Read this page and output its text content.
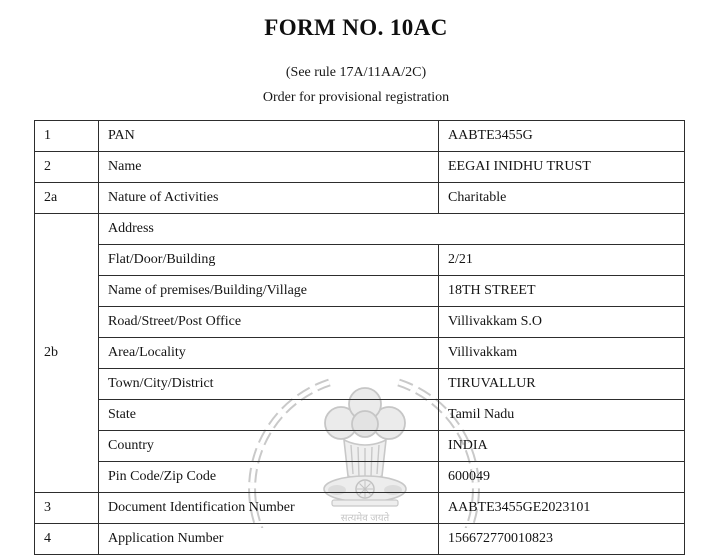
सत्यमेव जयते
FORM NO. 10AC
(See rule 17A/11AA/2C)
Order for provisional registration
1	PAN	AABTE3455G
2	Name	EEGAI INIDHU TRUST
2a	Nature of Activities	Charitable
2b	Address	
	Flat/Door/Building	2/21
	Name of premises/Building/Village	18TH STREET
	Road/Street/Post Office	Villivakkam S.O
	Area/Locality	Villivakkam
	Town/City/District	TIRUVALLUR
	State	Tamil Nadu
	Country	INDIA
	Pin Code/Zip Code	600049
3	Document Identification Number	AABTE3455GE2023101
4	Application Number	156672770010823
